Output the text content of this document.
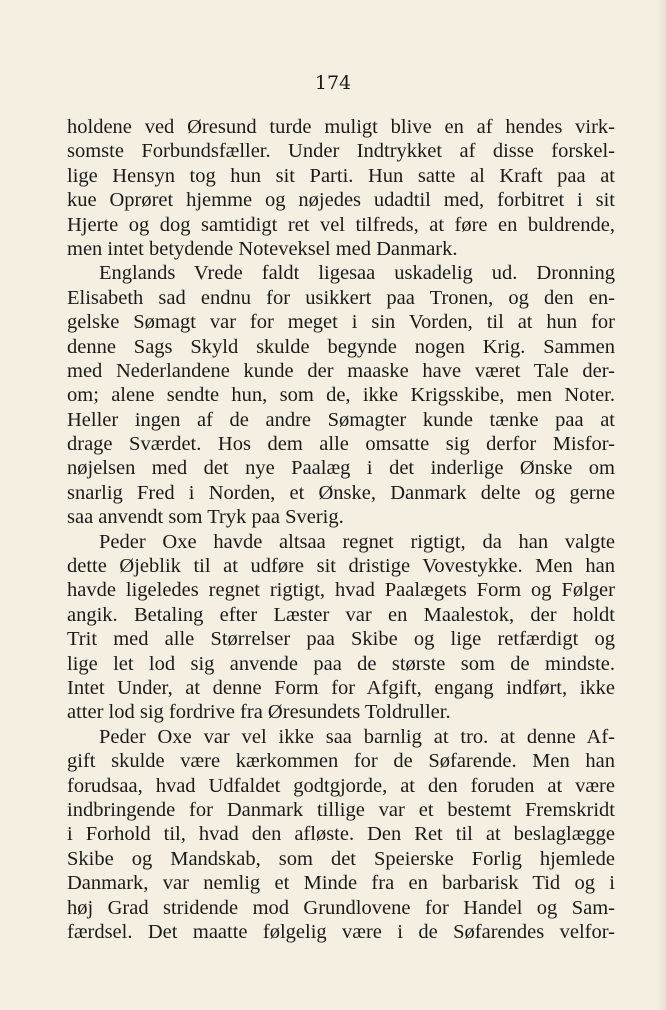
174

holdene ved Øresund turde muligt blive en af hendes virk-
somste Forbundsfæller. Under Indtrykket af disse forskel-
lige Hensyn tog hun sit Parti. Hun satte al Kraft paa at
kue Oprøret hjemme og nøjedes udadtil med, forbitret i sit
Hjerte og dog samtidigt ret vel tilfreds, at føre en buldrende,
men intet betydende Noteveksel med Danmark.
Englands Vrede faldt ligesaa uskadelig ud. Dronning
Elisabeth sad endnu for usikkert paa Tronen, og den en-
gelske Sømagt var for meget i sin Vorden, til at hun for
denne Sags Skyld skulde begynde nogen Krig. Sammen
med Nederlandene kunde der maaske have været Tale der-
om; alene sendte hun, som de, ikke Krigsskibe, men Noter.
Heller ingen af de andre Sømagter kunde tænke paa at
drage Sværdet. Hos dem alle omsatte sig derfor Misfor-
nøjelsen med det nye Paalæg i det inderlige Ønske om
snarlig Fred i Norden, et Ønske, Danmark delte og gerne
saa anvendt som Tryk paa Sverig.
Peder Oxe havde altsaa regnet rigtigt, da han valgte
dette Øjeblik til at udføre sit dristige Vovestykke. Men han
havde ligeledes regnet rigtigt, hvad Paalægets Form og Følger
angik. Betaling efter Læster var en Maalestok, der holdt
Trit med alle Størrelser paa Skibe og lige retfærdigt og
lige let lod sig anvende paa de største som de mindste.
Intet Under, at denne Form for Afgift, engang indført, ikke
atter lod sig fordrive fra Øresundets Toldruller.
Peder Oxe var vel ikke saa barnlig at tro. at denne Af-
gift skulde være kærkommen for de Søfarende. Men han
forudsaa, hvad Udfaldet godtgjorde, at den foruden at være
indbringende for Danmark tillige var et bestemt Fremskridt
i Forhold til, hvad den afløste. Den Ret til at beslaglægge
Skibe og Mandskab, som det Speierske Forlig hjemlede
Danmark, var nemlig et Minde fra en barbarisk Tid og i
høj Grad stridende mod Grundlovene for Handel og Sam-
færdsel. Det maatte følgelig være i de Søfarendes velfor-
